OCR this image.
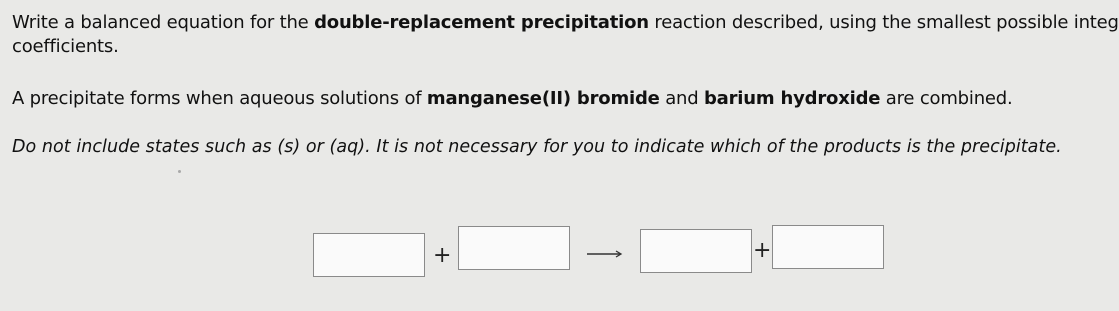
Write a balanced equation for the double-replacement precipitation reaction described, using the smallest possible integ
coefficients.
A precipitate forms when aqueous solutions of manganese(II) bromide and barium hydroxide are combined.
Do not include states such as (s) or (aq). It is not necessary for you to indicate which of the products is the precipitate.
+	+
